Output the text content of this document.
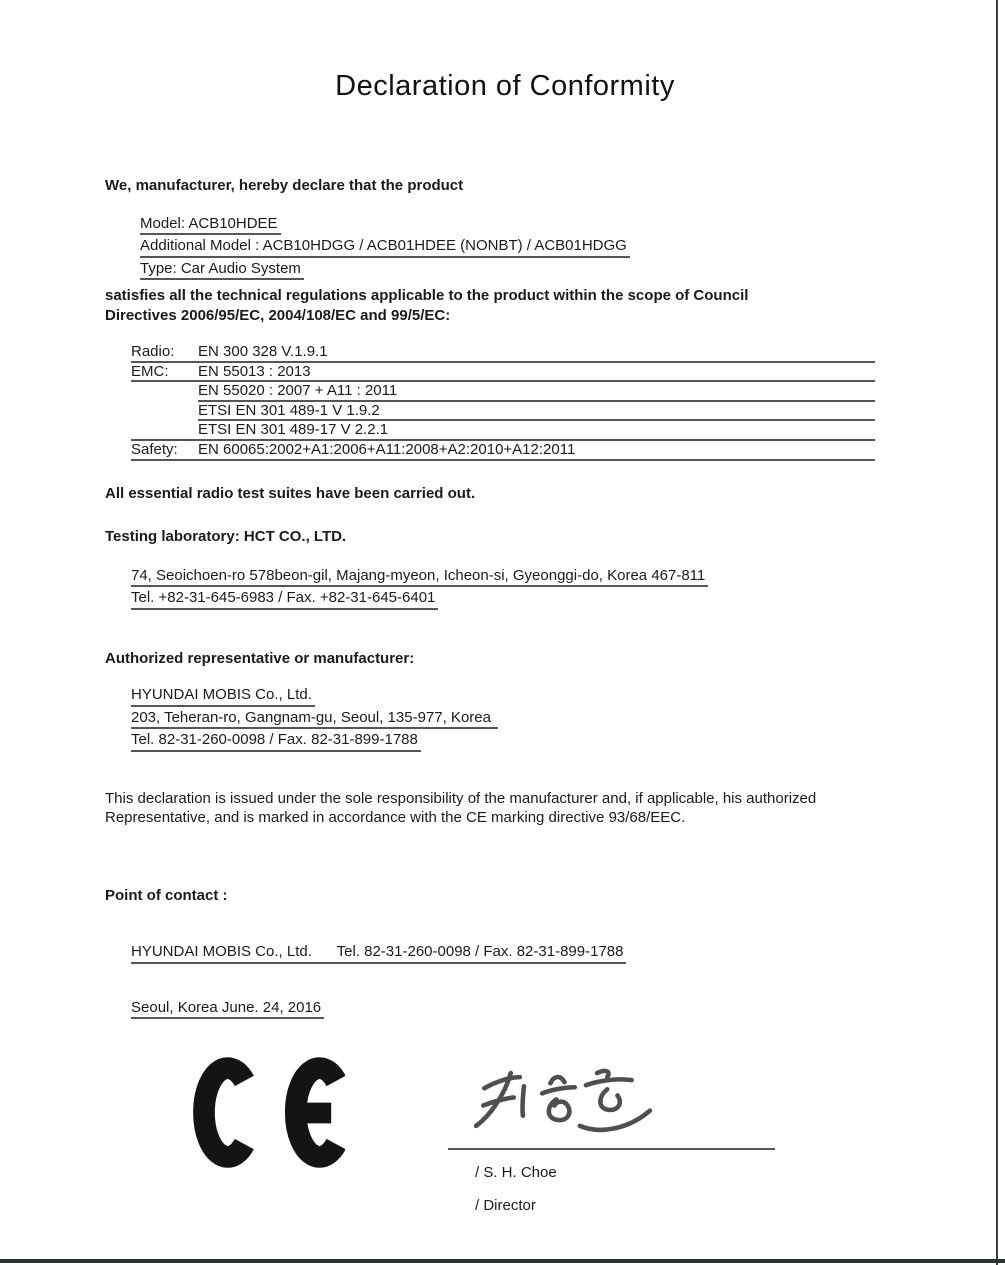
Declaration of Conformity
We, manufacturer, hereby declare that the product
Model: ACB10HDEE
Additional Model : ACB10HDGG / ACB01HDEE (NONBT) / ACB01HDGG
Type: Car Audio System
satisfies all the technical regulations applicable to the product within the scope of Council
Directives 2006/95/EC, 2004/108/EC and 99/5/EC:
Radio:	EN 300 328 V.1.9.1
EMC:	EN 55013 : 2013
EN 55020 : 2007 + A11 : 2011
ETSI EN 301 489-1 V 1.9.2
ETSI EN 301 489-17 V 2.2.1
Safety:	EN 60065:2002+A1:2006+A11:2008+A2:2010+A12:2011
All essential radio test suites have been carried out.
Testing laboratory: HCT CO., LTD.
74, Seoichoen-ro 578beon-gil, Majang-myeon, Icheon-si, Gyeonggi-do, Korea 467-811
Tel. +82-31-645-6983 / Fax. +82-31-645-6401
Authorized representative or manufacturer:
HYUNDAI MOBIS Co., Ltd.
203, Teheran-ro, Gangnam-gu, Seoul, 135-977, Korea
Tel. 82-31-260-0098 / Fax. 82-31-899-1788
This declaration is issued under the sole responsibility of the manufacturer and, if applicable, his authorized
Representative, and is marked in accordance with the CE marking directive 93/68/EEC.
Point of contact :
HYUNDAI MOBIS Co., Ltd.      Tel. 82-31-260-0098 / Fax. 82-31-899-1788
Seoul, Korea June. 24, 2016
/ S. H. Choe
/ Director
